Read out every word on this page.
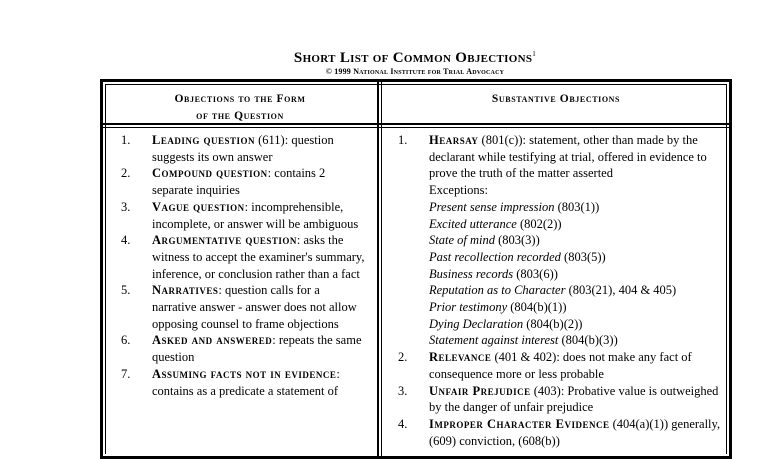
Short List of Common Objections$^1$
© 1999 National Institute for Trial Advocacy
Objections to the Form
of the Question
Substantive Objections
1.	Leading question (611): question suggests its own answer
2.	Compound question: contains 2 separate inquiries
3.	Vague question: incomprehensible, incomplete, or answer will be ambiguous
4.	Argumentative question: asks the witness to accept the examiner's summary, inference, or conclusion rather than a fact
5.	Narratives: question calls for a narrative answer - answer does not allow opposing counsel to frame objections
6.	Asked and answered: repeats the same question
7.	Assuming facts not in evidence: contains as a predicate a statement of
1.	Hearsay (801(c)): statement, other than made by the declarant while testifying at trial, offered in evidence to prove the truth of the matter asserted
Exceptions:
Present sense impression (803(1))
Excited utterance (802(2))
State of mind (803(3))
Past recollection recorded (803(5))
Business records (803(6))
Reputation as to Character (803(21), 404 & 405)
Prior testimony (804(b)(1))
Dying Declaration (804(b)(2))
Statement against interest (804(b)(3))
2.	Relevance (401 & 402): does not make any fact of consequence more or less probable
3.	Unfair Prejudice (403): Probative value is outweighed by the danger of unfair prejudice
4.	Improper Character Evidence (404(a)(1)) generally, (609) conviction, (608(b))
